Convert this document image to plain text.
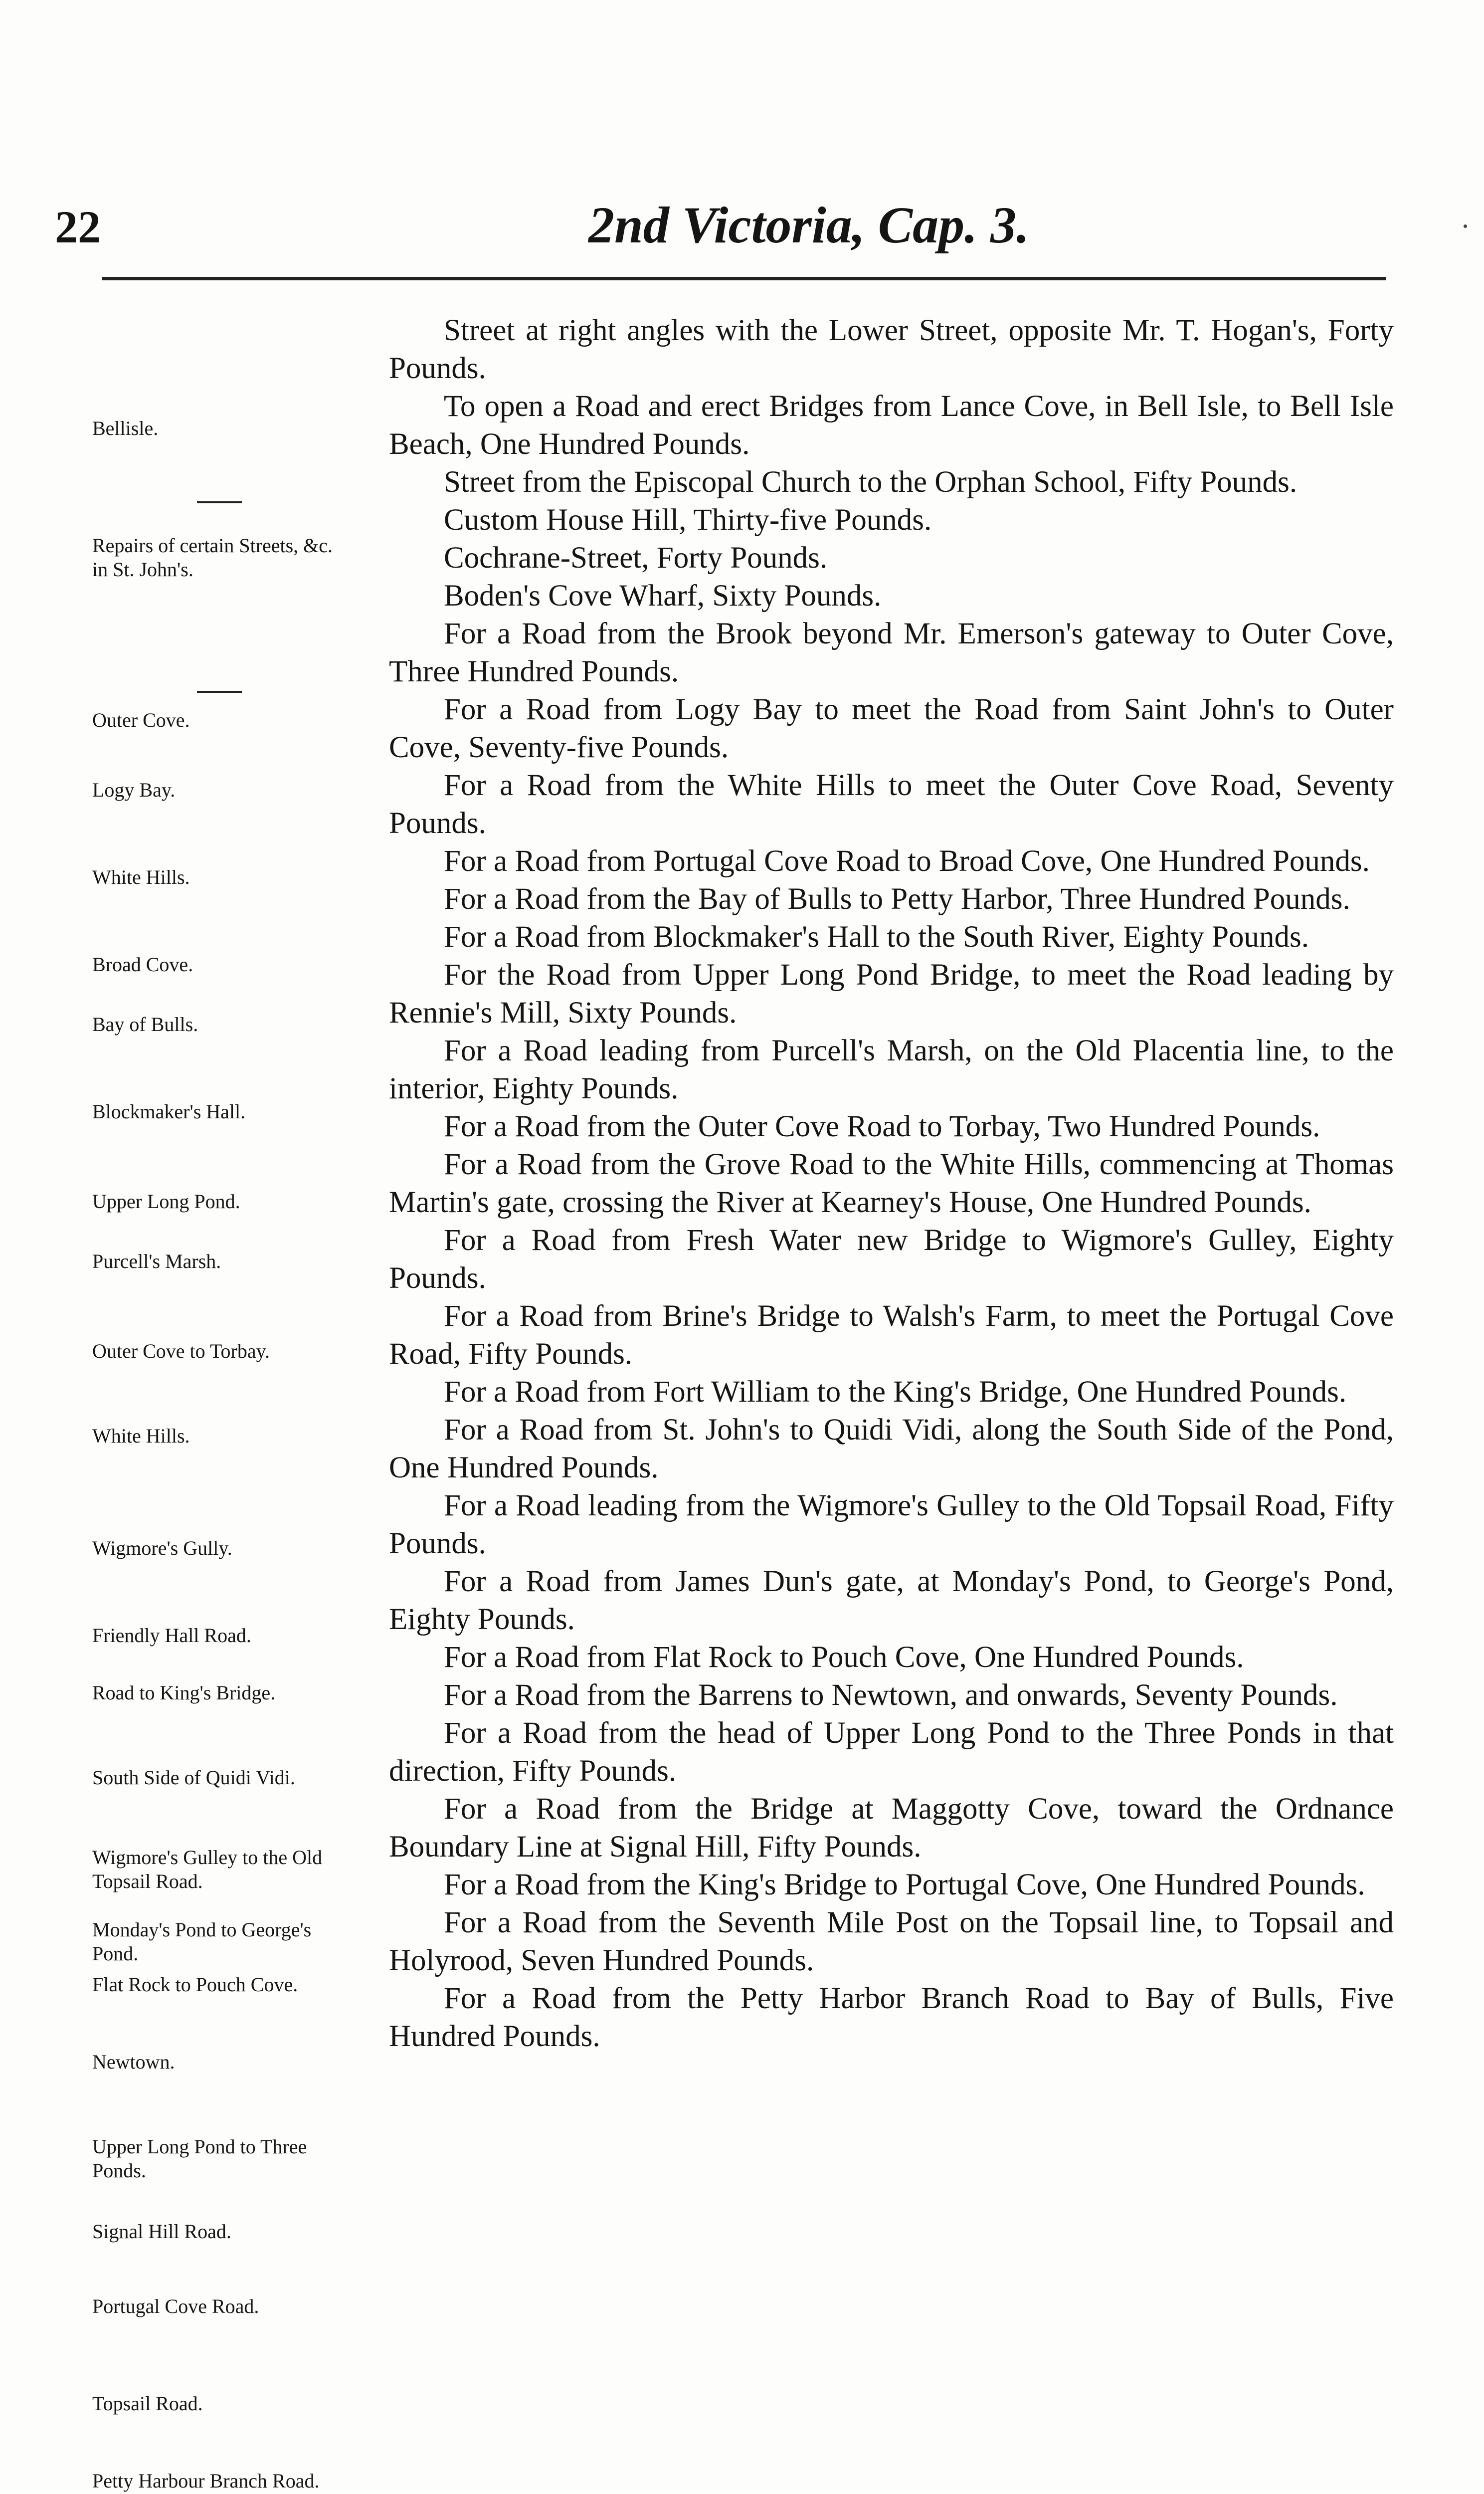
22	2nd Victoria, Cap. 3.
Bellisle.
Repairs of certain Streets, &c. in St. John's.
Outer Cove.
Logy Bay.
White Hills.
Broad Cove.
Bay of Bulls.
Blockmaker's Hall.
Upper Long Pond.
Purcell's Marsh.
Outer Cove to Torbay.
White Hills.
Wigmore's Gully.
Friendly Hall Road.
Road to King's Bridge.
South Side of Quidi Vidi.
Wigmore's Gulley to the Old Topsail Road.
Monday's Pond to George's Pond.
Flat Rock to Pouch Cove.
Newtown.
Upper Long Pond to Three Ponds.
Signal Hill Road.
Portugal Cove Road.
Topsail Road.
Petty Harbour Branch Road.

Street at right angles with the Lower Street, opposite Mr. T. Hogan's, Forty Pounds.

To open a Road and erect Bridges from Lance Cove, in Bell Isle, to Bell Isle Beach, One Hundred Pounds.

Street from the Episcopal Church to the Orphan School, Fifty Pounds.

Custom House Hill, Thirty-five Pounds.

Cochrane-Street, Forty Pounds.

Boden's Cove Wharf, Sixty Pounds.

For a Road from the Brook beyond Mr. Emerson's gateway to Outer Cove, Three Hundred Pounds.

For a Road from Logy Bay to meet the Road from Saint John's to Outer Cove, Seventy-five Pounds.

For a Road from the White Hills to meet the Outer Cove Road, Seventy Pounds.

For a Road from Portugal Cove Road to Broad Cove, One Hundred Pounds.

For a Road from the Bay of Bulls to Petty Harbor, Three Hundred Pounds.

For a Road from Blockmaker's Hall to the South River, Eighty Pounds.

For the Road from Upper Long Pond Bridge, to meet the Road leading by Rennie's Mill, Sixty Pounds.

For a Road leading from Purcell's Marsh, on the Old Placentia line, to the interior, Eighty Pounds.

For a Road from the Outer Cove Road to Torbay, Two Hundred Pounds.

For a Road from the Grove Road to the White Hills, commencing at Thomas Martin's gate, crossing the River at Kearney's House, One Hundred Pounds.

For a Road from Fresh Water new Bridge to Wigmore's Gulley, Eighty Pounds.

For a Road from Brine's Bridge to Walsh's Farm, to meet the Portugal Cove Road, Fifty Pounds.

For a Road from Fort William to the King's Bridge, One Hundred Pounds.

For a Road from St. John's to Quidi Vidi, along the South Side of the Pond, One Hundred Pounds.

For a Road leading from the Wigmore's Gulley to the Old Topsail Road, Fifty Pounds.

For a Road from James Dun's gate, at Monday's Pond, to George's Pond, Eighty Pounds.

For a Road from Flat Rock to Pouch Cove, One Hundred Pounds.

For a Road from the Barrens to Newtown, and onwards, Seventy Pounds.

For a Road from the head of Upper Long Pond to the Three Ponds in that direction, Fifty Pounds.

For a Road from the Bridge at Maggotty Cove, toward the Ordnance Boundary Line at Signal Hill, Fifty Pounds.

For a Road from the King's Bridge to Portugal Cove, One Hundred Pounds.

For a Road from the Seventh Mile Post on the Topsail line, to Topsail and Holyrood, Seven Hundred Pounds.

For a Road from the Petty Harbor Branch Road to Bay of Bulls, Five Hundred Pounds.
